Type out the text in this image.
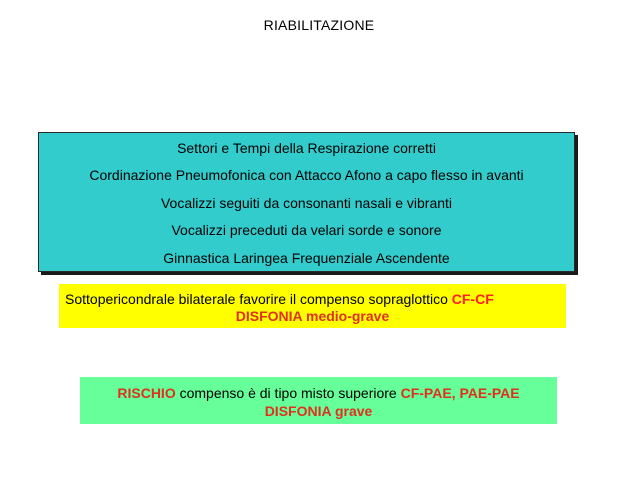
RIABILITAZIONE
Settori e Tempi della Respirazione corretti
Cordinazione Pneumofonica con Attacco Afono a capo flesso in avanti
Vocalizzi seguiti da consonanti nasali e vibranti
Vocalizzi preceduti da velari sorde e sonore
Ginnastica Laringea Frequenziale Ascendente
Sottopericondrale bilaterale favorire il compenso sopraglottico CF-CF
DISFONIA medio-grave
RISCHIO compenso è di tipo misto superiore CF-PAE, PAE-PAE
DISFONIA grave
